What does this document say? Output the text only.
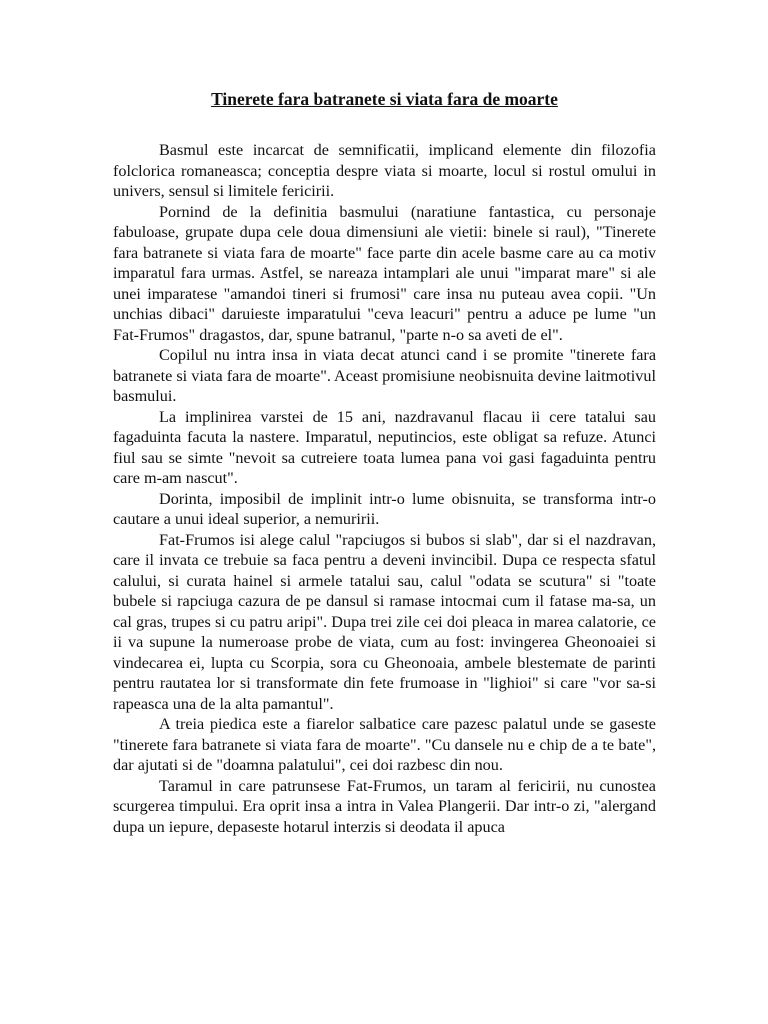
Tinerete fara batranete si viata fara de moarte

Basmul este incarcat de semnificatii, implicand elemente din filozofia folclorica romaneasca; conceptia despre viata si moarte, locul si rostul omului in univers, sensul si limitele fericirii.

Pornind de la definitia basmului (naratiune fantastica, cu personaje fabuloase, grupate dupa cele doua dimensiuni ale vietii: binele si raul), "Tinerete fara batranete si viata fara de moarte" face parte din acele basme care au ca motiv imparatul fara urmas. Astfel, se nareaza intamplari ale unui "imparat mare" si ale unei imparatese "amandoi tineri si frumosi" care insa nu puteau avea copii. "Un unchias dibaci" daruieste imparatului "ceva leacuri" pentru a aduce pe lume "un Fat-Frumos" dragastos, dar, spune batranul, "parte n-o sa aveti de el".

Copilul nu intra insa in viata decat atunci cand i se promite "tinerete fara batranete si viata fara de moarte". Aceast promisiune neobisnuita devine laitmotivul basmului.

La implinirea varstei de 15 ani, nazdravanul flacau ii cere tatalui sau fagaduinta facuta la nastere. Imparatul, neputincios, este obligat sa refuze. Atunci fiul sau se simte "nevoit sa cutreiere toata lumea pana voi gasi fagaduinta pentru care m-am nascut".

Dorinta, imposibil de implinit intr-o lume obisnuita, se transforma intr-o cautare a unui ideal superior, a nemuririi.

Fat-Frumos isi alege calul "rapciugos si bubos si slab", dar si el nazdravan, care il invata ce trebuie sa faca pentru a deveni invincibil. Dupa ce respecta sfatul calului, si curata hainel si armele tatalui sau, calul "odata se scutura" si "toate bubele si rapciuga cazura de pe dansul si ramase intocmai cum il fatase ma-sa, un cal gras, trupes si cu patru aripi". Dupa trei zile cei doi pleaca in marea calatorie, ce ii va supune la numeroase probe de viata, cum au fost: invingerea Gheonoaiei si vindecarea ei, lupta cu Scorpia, sora cu Gheonoaia, ambele blestemate de parinti pentru rautatea lor si transformate din fete frumoase in "lighioi" si care "vor sa-si rapeasca una de la alta pamantul".

A treia piedica este a fiarelor salbatice care pazesc palatul unde se gaseste "tinerete fara batranete si viata fara de moarte". "Cu dansele nu e chip de a te bate", dar ajutati si de "doamna palatului", cei doi razbesc din nou.

Taramul in care patrunsese Fat-Frumos, un taram al fericirii, nu cunostea scurgerea timpului. Era oprit insa a intra in Valea Plangerii. Dar intr-o zi, "alergand dupa un iepure, depaseste hotarul interzis si deodata il apuca
